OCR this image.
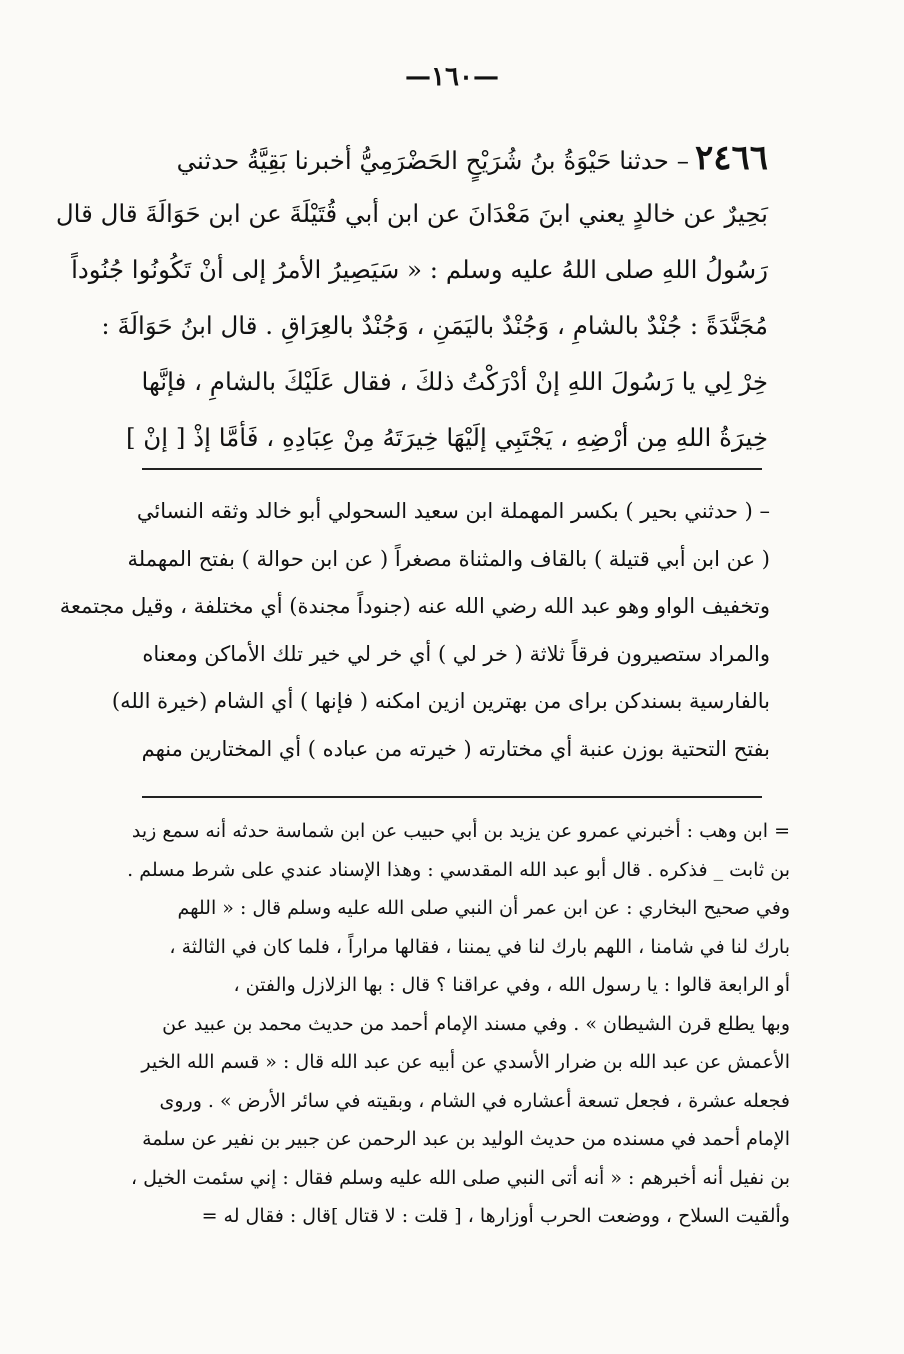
—١٦٠—
٢٤٦٦– حدثنا حَيْوَةُ بنُ شُرَيْحٍ الحَضْرَمِيُّ أخبرنا بَقِيَّةُ حدثني
بَحِيرٌ عن خالدٍ يعني ابنَ مَعْدَانَ عن ابن أبي قُتَيْلَةَ عن ابن حَوَالَةَ قال قال
رَسُولُ اللهِ صلى اللهُ عليه وسلم : « سَيَصِيرُ الأمرُ إلى أنْ تَكُونُوا جُنُوداً
مُجَنَّدَةً : جُنْدٌ بالشامِ ، وَجُنْدٌ باليَمَنِ ، وَجُنْدٌ بالعِرَاقِ . قال ابنُ حَوَالَةَ :
خِرْ لِي يا رَسُولَ اللهِ إنْ أدْرَكْتُ ذلكَ ، فقال عَلَيْكَ بالشامِ ، فإنَّها
خِيرَةُ اللهِ مِن أرْضِهِ ، يَجْتَبِي إلَيْهَا خِيرَتَهُ مِنْ عِبَادِهِ ، فَأمَّا إذْ [ إنْ ]
– ( حدثني بحير ) بكسر المهملة ابن سعيد السحولي أبو خالد وثقه النسائي
( عن ابن أبي قتيلة ) بالقاف والمثناة مصغراً ( عن ابن حوالة ) بفتح المهملة
وتخفيف الواو وهو عبد الله رضي الله عنه (جنوداً مجندة) أي مختلفة ، وقيل مجتمعة
والمراد ستصيرون فرقاً ثلاثة ( خر لي ) أي خر لي خير تلك الأماكن ومعناه
بالفارسية بسندكن براى من بهترين ازين امكنه ( فإنها ) أي الشام (خيرة الله)
بفتح التحتية بوزن عنبة أي مختارته ( خيرته من عباده ) أي المختارين منهم
= ابن وهب : أخبرني عمرو عن يزيد بن أبي حبيب عن ابن شماسة حدثه أنه سمع زيد
بن ثابت _ فذكره . قال أبو عبد الله المقدسي : وهذا الإسناد عندي على شرط مسلم .
وفي صحيح البخاري : عن ابن عمر أن النبي صلى الله عليه وسلم قال : « اللهم
بارك لنا في شامنا ، اللهم بارك لنا في يمننا ، فقالها مراراً ، فلما كان في الثالثة ،
أو الرابعة قالوا : يا رسول الله ، وفي عراقنا ؟ قال : بها الزلازل والفتن ،
وبها يطلع قرن الشيطان » . وفي مسند الإمام أحمد من حديث محمد بن عبيد عن
الأعمش عن عبد الله بن ضرار الأسدي عن أبيه عن عبد الله قال : « قسم الله الخير
فجعله عشرة ، فجعل تسعة أعشاره في الشام ، وبقيته في سائر الأرض » . وروى
الإمام أحمد في مسنده من حديث الوليد بن عبد الرحمن عن جبير بن نفير عن سلمة
بن نفيل أنه أخبرهم : « أنه أتى النبي صلى الله عليه وسلم فقال : إني سئمت الخيل ،
وألقيت السلاح ، ووضعت الحرب أوزارها ، [ قلت : لا قتال ]قال : فقال له =
